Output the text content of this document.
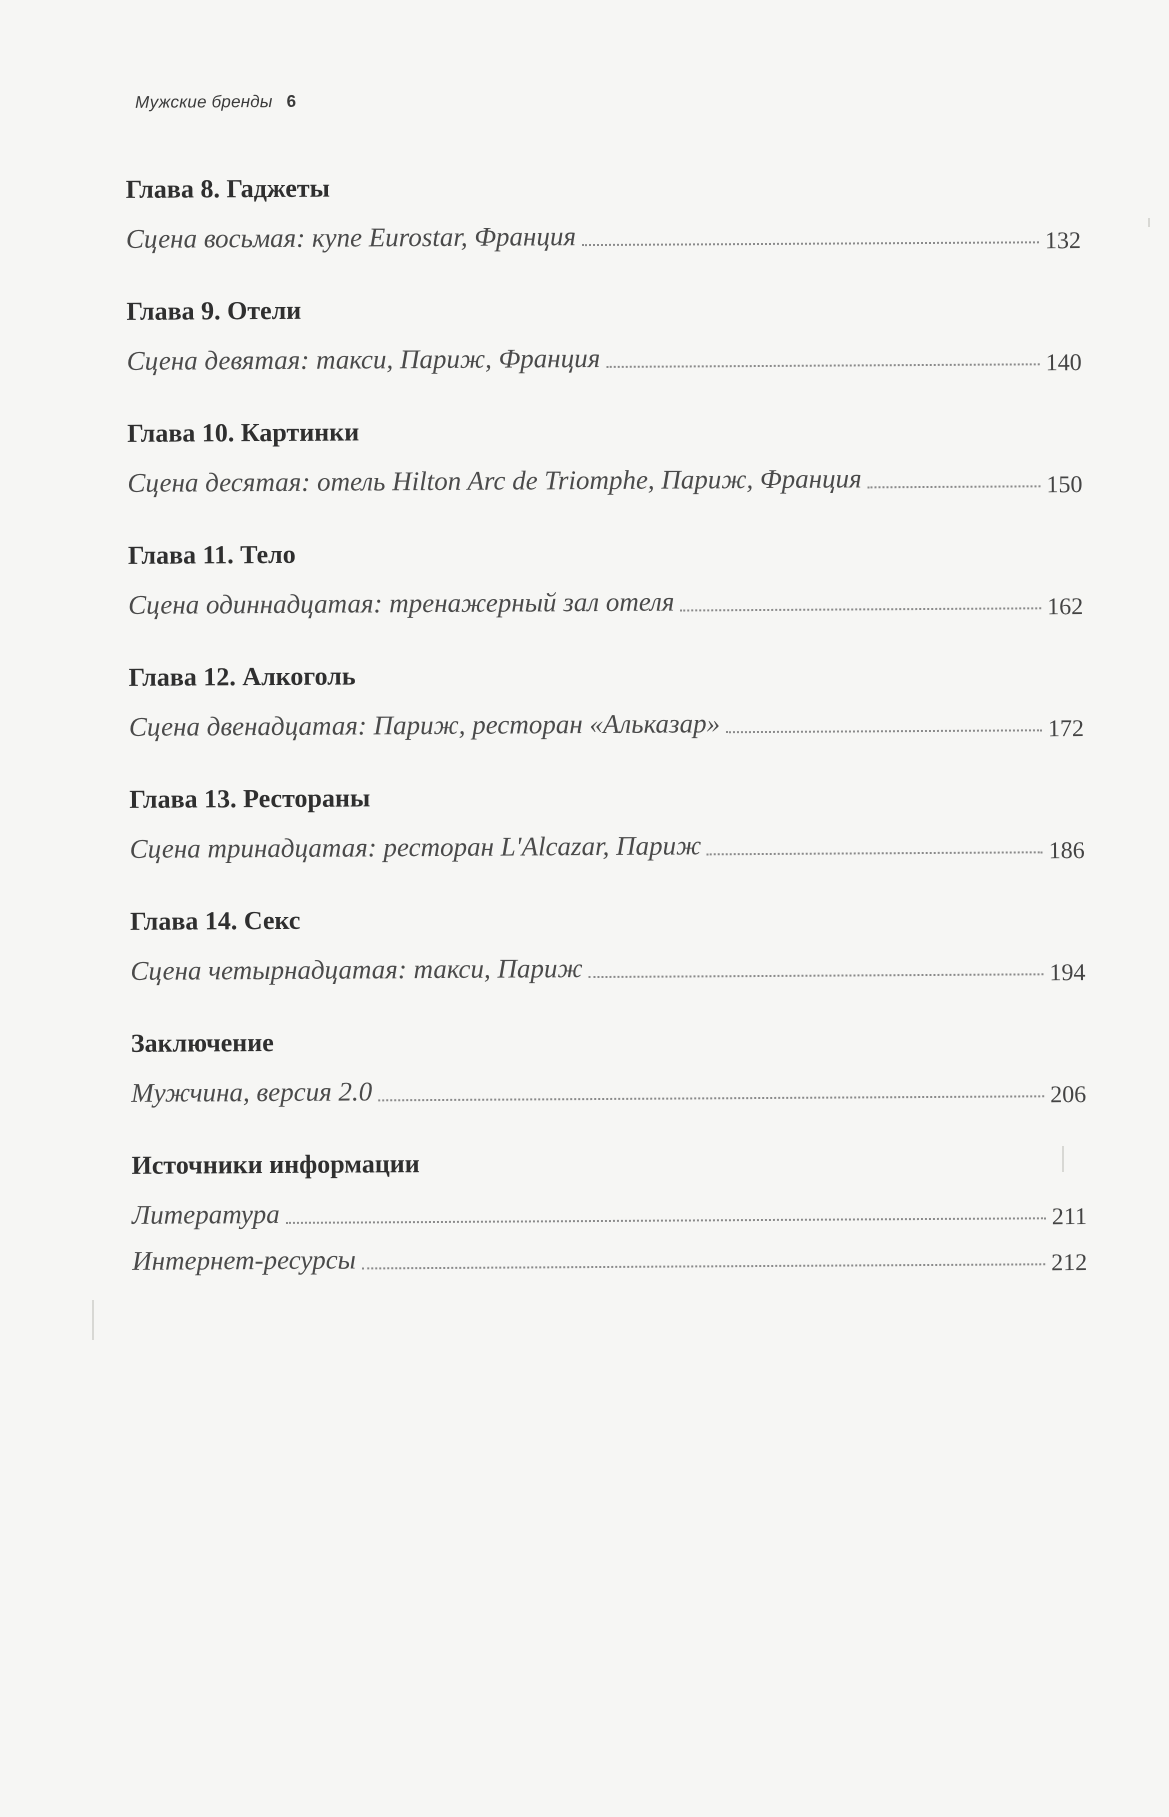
Мужские бренды 6
Глава 8. Гаджеты
Сцена восьмая: купе Eurostar, Франция	132
Глава 9. Отели
Сцена девятая: такси, Париж, Франция	140
Глава 10. Картинки
Сцена десятая: отель Hilton Arc de Triomphe, Париж, Франция	150
Глава 11. Тело
Сцена одиннадцатая: тренажерный зал отеля	162
Глава 12. Алкоголь
Сцена двенадцатая: Париж, ресторан «Альказар»	172
Глава 13. Рестораны
Сцена тринадцатая: ресторан L'Alcazar, Париж	186
Глава 14. Секс
Сцена четырнадцатая: такси, Париж	194
Заключение
Мужчина, версия 2.0	206
Источники информации
Литература	211
Интернет-ресурсы	212
